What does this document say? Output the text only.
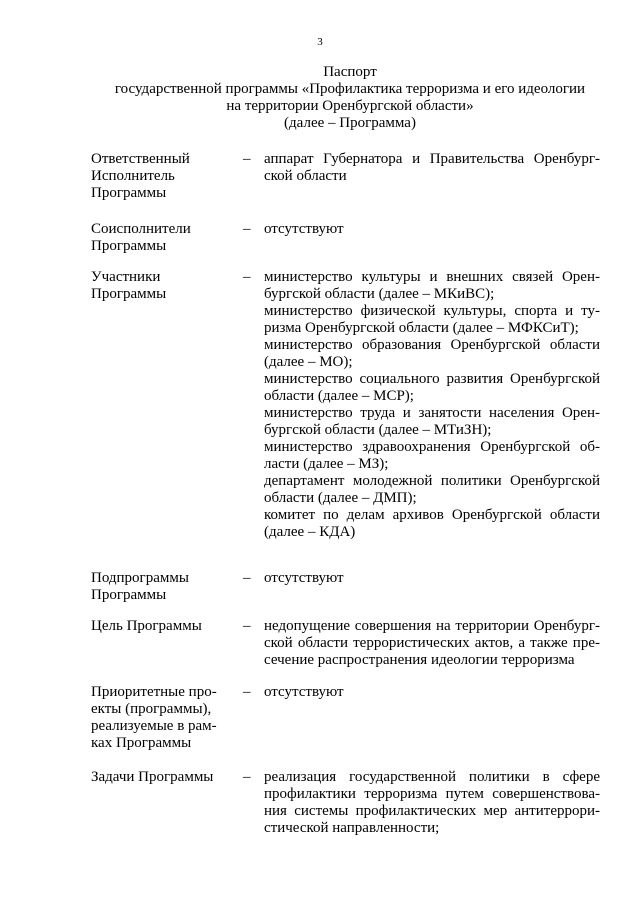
3
Паспорт
государственной программы «Профилактика терроризма и его идеологии
на территории Оренбургской области»
(далее – Программа)
Ответственный
Исполнитель
Программы
– аппарат Губернатора и Правительства Оренбургской области
Соисполнители
Программы
– отсутствуют
Участники
Программы
– министерство культуры и внешних связей Оренбургской области (далее – МКиВС);
министерство физической культуры, спорта и туризма Оренбургской области (далее – МФКСиТ);
министерство образования Оренбургской области (далее – МО);
министерство социального развития Оренбургской области (далее – МСР);
министерство труда и занятости населения Оренбургской области (далее – МТиЗН);
министерство здравоохранения Оренбургской области (далее – МЗ);
департамент молодежной политики Оренбургской области (далее – ДМП);
комитет по делам архивов Оренбургской области (далее – КДА)
Подпрограммы
Программы
– отсутствуют
Цель Программы	– недопущение совершения на территории Оренбургской области террористических актов, а также пресечение распространения идеологии терроризма
Приоритетные про-
екты (программы),
реализуемые в рам-
ках Программы
– отсутствуют
Задачи Программы – реализация государственной политики в сфере профилактики терроризма путем совершенствования системы профилактических мер антитеррористической направленности;
